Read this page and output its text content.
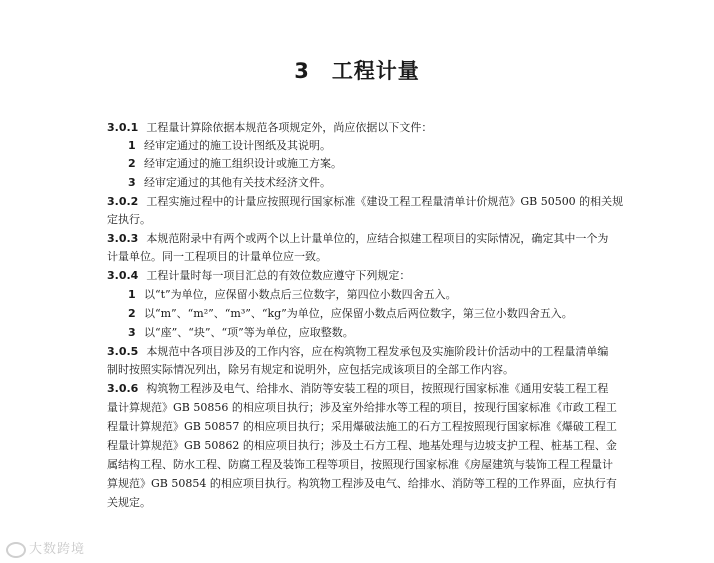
3 工程计量
3.0.1 工程量计算除依据本规范各项规定外，尚应依据以下文件：
1 经审定通过的施工设计图纸及其说明。
2 经审定通过的施工组织设计或施工方案。
3 经审定通过的其他有关技术经济文件。
3.0.2 工程实施过程中的计量应按照现行国家标准《建设工程工程量清单计价规范》GB 50500 的相关规
定执行。
3.0.3 本规范附录中有两个或两个以上计量单位的，应结合拟建工程项目的实际情况，确定其中一个为
计量单位。同一工程项目的计量单位应一致。
3.0.4 工程计量时每一项目汇总的有效位数应遵守下列规定：
1 以“t”为单位，应保留小数点后三位数字，第四位小数四舍五入。
2 以“m”、“m²”、“m³”、“kg”为单位，应保留小数点后两位数字，第三位小数四舍五入。
3 以“座”、“块”、“项”等为单位，应取整数。
3.0.5 本规范中各项目涉及的工作内容，应在构筑物工程发承包及实施阶段计价活动中的工程量清单编
制时按照实际情况列出，除另有规定和说明外，应包括完成该项目的全部工作内容。
3.0.6 构筑物工程涉及电气、给排水、消防等安装工程的项目，按照现行国家标准《通用安装工程工程
量计算规范》GB 50856 的相应项目执行；涉及室外给排水等工程的项目，按现行国家标准《市政工程工
程量计算规范》GB 50857 的相应项目执行；采用爆破法施工的石方工程按照现行国家标准《爆破工程工
程量计算规范》GB 50862 的相应项目执行；涉及土石方工程、地基处理与边坡支护工程、桩基工程、金
属结构工程、防水工程、防腐工程及装饰工程等项目，按照现行国家标准《房屋建筑与装饰工程工程量计
算规范》GB 50854 的相应项目执行。构筑物工程涉及电气、给排水、消防等工程的工作界面，应执行有
关规定。
大数跨境
